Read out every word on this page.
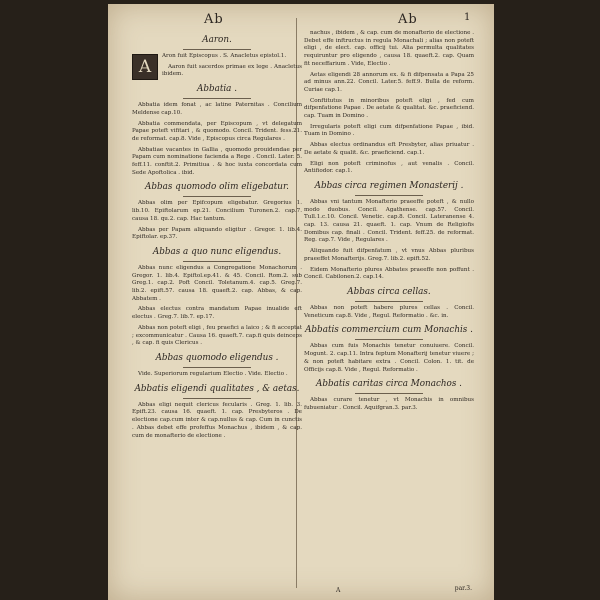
Ab	Ab	1
Aaron.
A
Aron fuit Episcopus . S. Anacletus epistol.1.
Aaron fuit sacerdos primae ex lege . Anacletus ibidem.
Abbatia .
Abbatia idem fonat , ac latine Paternitas . Concilium Meldense cap.10.
Abbatia commendata, per Episcopum , vt delegatum Papae poteft vifitari , & quomodo. Concil. Trident. fess.21. de reformat. cap.8. Vide , Episcopus circa Regulares .
Abbatiae vacantes in Gallia , quomodo prouidendae per Papam cum nominatione facienda a Rege . Concil. Later. 5. feff.11. conftit.2. Primitiua . & hoc iuxta concordata cum Sede Apoftolica . ibid.
Abbas quomodo olim eligebatur.
Abbas olim per Epifcopum eligebatur. Gregorius 1. lib.10. Epiftolarum ep.21. Concilium Turonen.2. cap.7. causa 18. qu.2. cap. Hac tantum.
Abbas per Papam aliquando eligitur . Gregor. 1. lib.4. Epiftolar. ep.37.
Abbas a quo nunc eligendus.
Abbas nunc eligendus a Congregatione Monachorum . Gregor. 1. lib.4. Epiftol.ep.41. & 45. Concil. Rom.2. sub Greg.1. cap.2. Poft Concil. Toletanum.4. cap.5. Greg.7. lib.2. epift.57. causa 18. quaeft.2. cap. Abbas, & cap. Abbatem .
Abbas electus contra mandatum Papae inualide eft electus . Greg.7. lib.7. ep.17.
Abbas non poteft eligi , feu praefici a laico ; & fi acceptat ; excommunicatur . Causa 16. quaeft.7. cap.fi quis deinceps , & cap. fi quis Clericus .
Abbas quomodo eligendus .
Vide. Superiorum regularium Electio . Vide. Electio .
Abbatis eligendi qualitates , & aetas.
Abbas eligi nequit clericus fecularis . Greg. 1. lib. 3. Epift.23. causa 16. quaeft. 1. cap. Presbyteros . De electione cap.cum inter & cap.nullus & cap. Cum in cunctis . Abbas debet effe profeffus Monachus , ibidem , & cap. cum de monafterio de electione .
nachus , ibidem , & cap. cum de monafterio de electione . Debet effe inftructus in regula Monachali ; alias non poteft eligi , de elect. cap. officij tui. Alia permulta qualitates requiruntur pro eligendo , causa 18. quaeft.2. cap. Quam fit neceffarium . Vide, Electio .
Aetas eligendi 28 annorum ex. & fi difpensata a Papa 25 ad minus ann.22. Concil. Later.5. feff.9. Bulla de reform. Curiae cap.1.
Conftitutus in minoribus poteft eligi , fed cum difpenfatione Papae . De aetate & qualitat. &c. praeficiend. cap. Tuam in Domino .
Irregularis poteft eligi cum difpenfatione Papae , ibid. Tuam in Domino .
Abbas electus ordinandus eft Presbyter, alias priuatur . De aetate & qualit. &c. praeficiend. cap.1.
Eligi non poteft criminofus , aut venalis . Concil. Antifiodor. cap.1.
Abbas circa regimen Monasterij .
Abbas vni tantum Monafterio praeeffe poteft , & nullo modo duobus. Concil. Agathense. cap.57. Concil. Tull.1.c.10. Concil. Venetic. cap.8. Concil. Lateranense 4. cap. 13. causa 21. quaeft. 1. cap. Vnum de Religiofis Domibus cap. finali . Concil. Trident. feff.25. de reformat. Reg. cap.7. Vide , Regulares .
Aliquando fuit difpenfatum , vt vnus Abbas pluribus praeeffet Monafterijs. Greg.7. lib.2. epift.52.
Eidem Monafterio plures Abbates praeeffe non poffunt . Concil. Cabilonen.2. cap.14.
Abbas circa cellas.
Abbas non poteft habere plures cellas . Concil. Veneticum cap.8. Vide , Regul. Reformatio . &c. in.
Abbatis commercium cum Monachis .
Abbas cum fuis Monachis tenetur conuiuere. Concil. Mogunt. 2. cap.11. Intra feptum Monafterij tenetur viuere ; & non poteft habitare extra . Concil. Colon. 1. tit. de Officijs cap.8. Vide , Regul. Reformatio .
Abbatis caritas circa Monachos .
Abbas curare tenetur , vt Monachis in omnibus fubueniatur . Concil. Aquifgran.3. par.3.
A	par.3.
